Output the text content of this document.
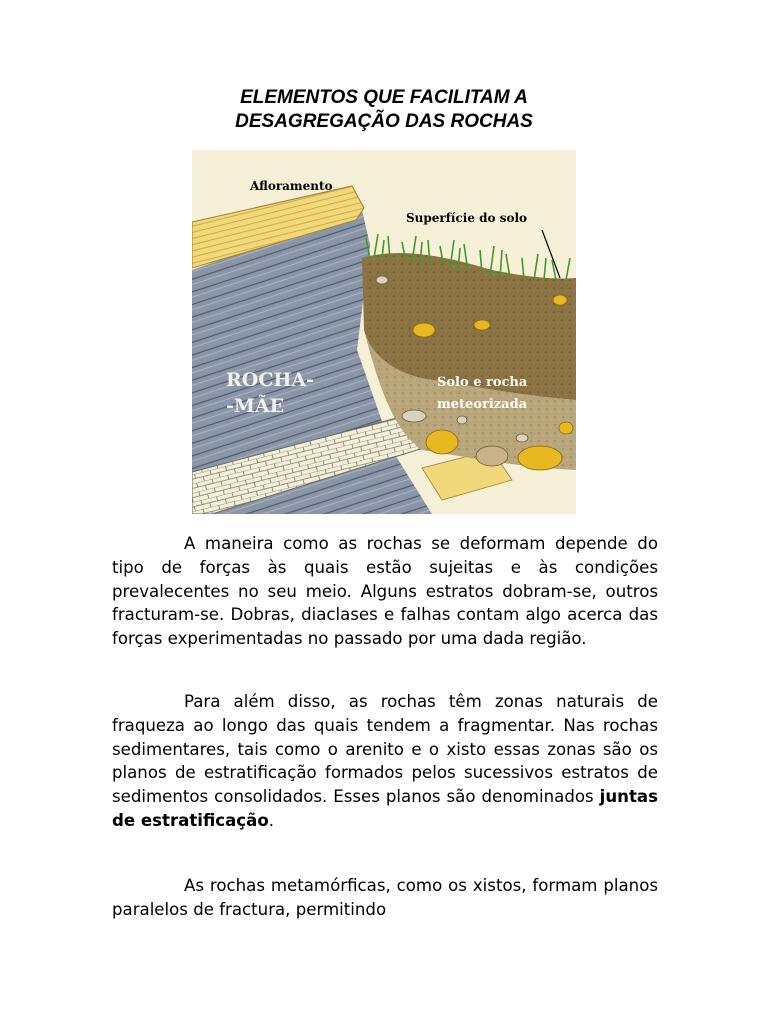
ELEMENTOS QUE FACILITAM A
DESAGREGAÇÃO DAS ROCHAS
Afloramento
Superfície do solo
ROCHA-
-MÃE
Solo e rocha
meteorizada

A maneira como as rochas se deformam depende do tipo de forças às quais estão sujeitas e às condições prevalecentes no seu meio. Alguns estratos dobram-se, outros fracturam-se. Dobras, diaclases e falhas contam algo acerca das forças experimentadas no passado por uma dada região.

Para além disso, as rochas têm zonas naturais de fraqueza ao longo das quais tendem a fragmentar. Nas rochas sedimentares, tais como o arenito e o xisto essas zonas são os planos de estratificação formados pelos sucessivos estratos de sedimentos consolidados. Esses planos são denominados juntas de estratificação.

As rochas metamórficas, como os xistos, formam planos paralelos de fractura, permitindo
